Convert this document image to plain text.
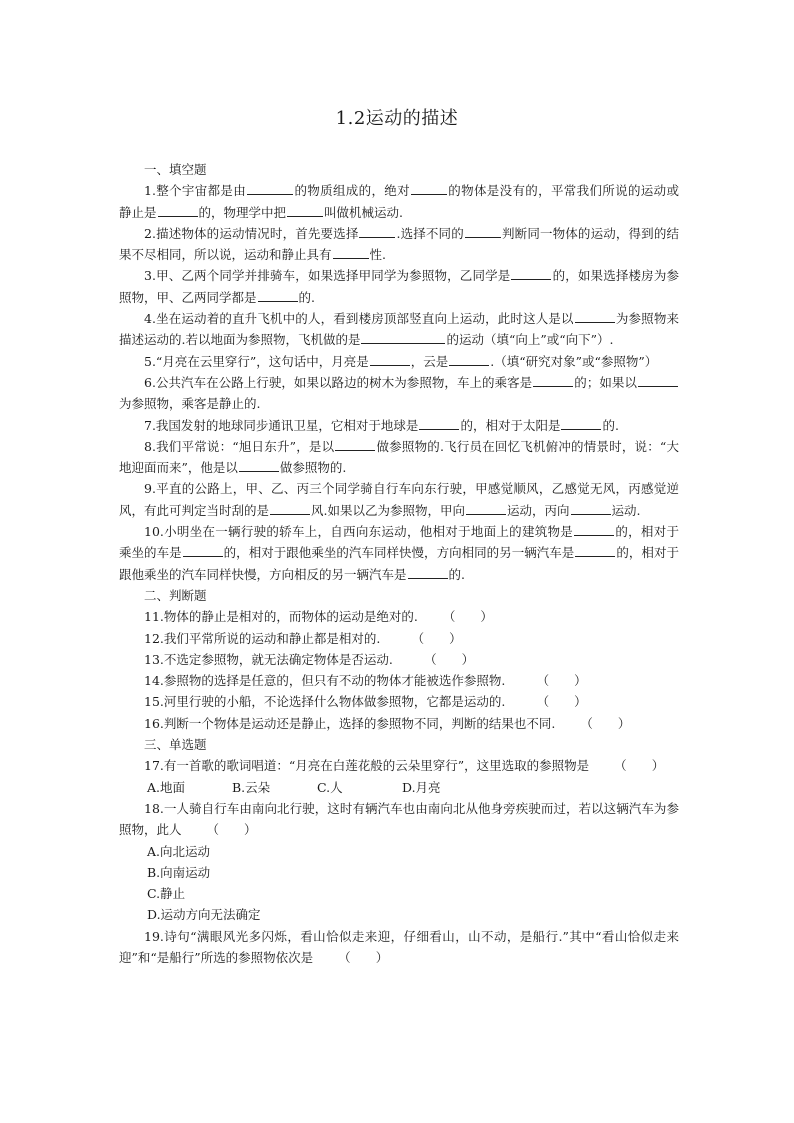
1.2运动的描述

一、填空题

1.整个宇宙都是由	的物质组成的，绝对	的物体是没有的，平常我们所说的运动或静止是	的，物理学中把	叫做机械运动.

2.描述物体的运动情况时，首先要选择	.选择不同的	判断同一物体的运动，得到的结果不尽相同，所以说，运动和静止具有	性.

3.甲、乙两个同学并排骑车，如果选择甲同学为参照物，乙同学是	的，如果选择楼房为参照物，甲、乙两同学都是	的.

4.坐在运动着的直升飞机中的人，看到楼房顶部竖直向上运动，此时这人是以	为参照物来描述运动的.若以地面为参照物，飞机做的是	的运动（填“向上”或“向下”）.

5.“月亮在云里穿行”，这句话中，月亮是	，云是	.（填“研究对象”或“参照物”）

6.公共汽车在公路上行驶，如果以路边的树木为参照物，车上的乘客是	的；如果以为参照物，乘客是静止的.

7.我国发射的地球同步通讯卫星，它相对于地球是	的，相对于太阳是	的.

8.我们平常说：“旭日东升”，是以	做参照物的.飞行员在回忆飞机俯冲的情景时，说：“大地迎面而来”，他是以	做参照物的.

9.平直的公路上，甲、乙、丙三个同学骑自行车向东行驶，甲感觉顺风，乙感觉无风，丙感觉逆风，有此可判定当时刮的是	风.如果以乙为参照物，甲向	运动，丙向	运动.

10.小明坐在一辆行驶的轿车上，自西向东运动，他相对于地面上的建筑物是	的，相对于乘坐的车是	的，相对于跟他乘坐的汽车同样快慢，方向相同的另一辆汽车是	的，相对于跟他乘坐的汽车同样快慢，方向相反的另一辆汽车是	的.

二、判断题

11.物体的静止是相对的，而物体的运动是绝对的. （   ）

12.我们平常所说的运动和静止都是相对的. 	（   ）

13.不选定参照物，就无法确定物体是否运动. 	（   ）

14.参照物的选择是任意的，但只有不动的物体才能被选作参照物. 	（   ）

15.河里行驶的小船，不论选择什么物体做参照物，它都是运动的. 	（   ）

16.判断一个物体是运动还是静止，选择的参照物不同，判断的结果也不同. （   ）

三、单选题

17.有一首歌的歌词唱道：“月亮在白莲花般的云朵里穿行”，这里选取的参照物是 （   ）

A.地面	B.云朵	C.人	D.月亮

18.一人骑自行车由南向北行驶，这时有辆汽车也由南向北从他身旁疾驶而过，若以这辆汽车为参照物，此人 （   ）

A.向北运动
B.向南运动
C.静止
D.运动方向无法确定

19.诗句“满眼风光多闪烁，看山恰似走来迎，仔细看山，山不动，是船行.”其中“看山恰似走来迎”和“是船行”所选的参照物依次是 （   ）
